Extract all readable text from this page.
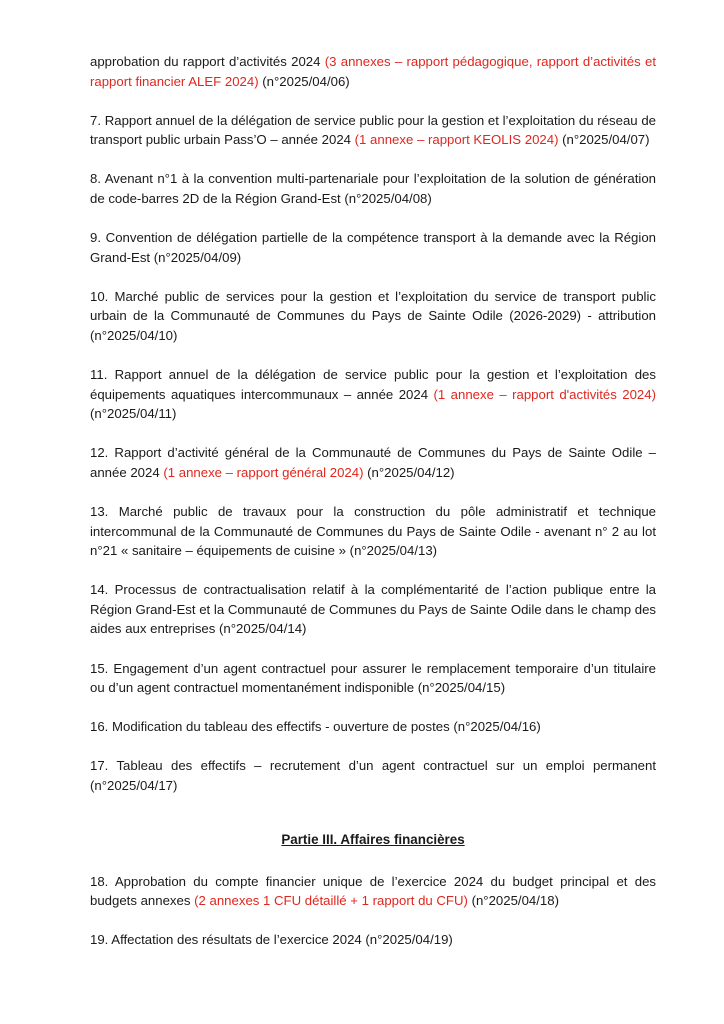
approbation du rapport d’activités 2024 (3 annexes – rapport pédagogique, rapport d’activités et rapport financier ALEF 2024) (n°2025/04/06)

7. Rapport annuel de la délégation de service public pour la gestion et l’exploitation du réseau de transport public urbain Pass’O – année 2024 (1 annexe – rapport KEOLIS 2024) (n°2025/04/07)

8. Avenant n°1 à la convention multi-partenariale pour l’exploitation de la solution de génération de code-barres 2D de la Région Grand-Est (n°2025/04/08)

9. Convention de délégation partielle de la compétence transport à la demande avec la Région Grand-Est (n°2025/04/09)

10. Marché public de services pour la gestion et l’exploitation du service de transport public urbain de la Communauté de Communes du Pays de Sainte Odile (2026-2029) - attribution (n°2025/04/10)

11. Rapport annuel de la délégation de service public pour la gestion et l’exploitation des équipements aquatiques intercommunaux – année 2024 (1 annexe – rapport d'activités 2024) (n°2025/04/11)

12. Rapport d’activité général de la Communauté de Communes du Pays de Sainte Odile – année 2024 (1 annexe – rapport général 2024) (n°2025/04/12)

13. Marché public de travaux pour la construction du pôle administratif et technique intercommunal de la Communauté de Communes du Pays de Sainte Odile - avenant n° 2 au lot n°21 « sanitaire – équipements de cuisine » (n°2025/04/13)

14. Processus de contractualisation relatif à la complémentarité de l’action publique entre la Région Grand-Est et la Communauté de Communes du Pays de Sainte Odile dans le champ des aides aux entreprises (n°2025/04/14)

15. Engagement d’un agent contractuel pour assurer le remplacement temporaire d’un titulaire ou d’un agent contractuel momentanément indisponible (n°2025/04/15)

16. Modification du tableau des effectifs - ouverture de postes (n°2025/04/16)

17. Tableau des effectifs – recrutement d’un agent contractuel sur un emploi permanent (n°2025/04/17)

Partie III. Affaires financières

18. Approbation du compte financier unique de l’exercice 2024 du budget principal et des budgets annexes (2 annexes 1 CFU détaillé + 1 rapport du CFU) (n°2025/04/18)

19. Affectation des résultats de l’exercice 2024 (n°2025/04/19)
